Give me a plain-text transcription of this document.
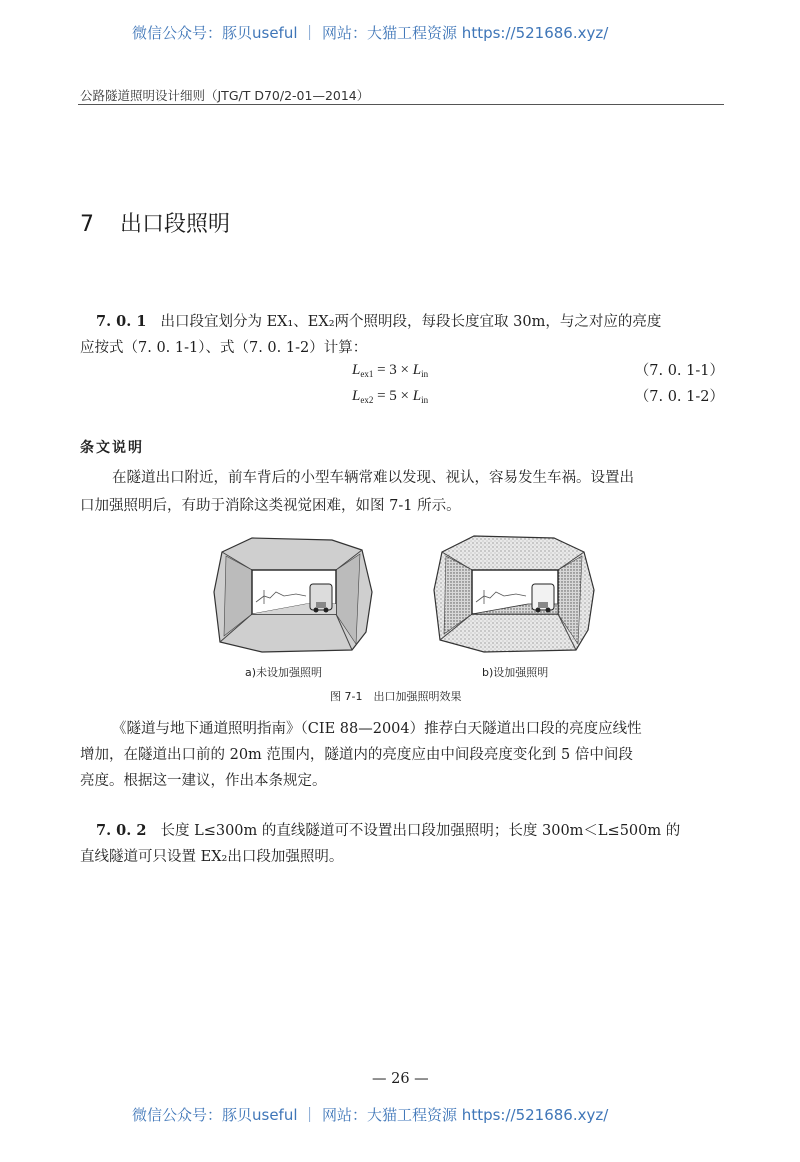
微信公众号：豚贝useful ｜ 网站：大猫工程资源 https://521686.xyz/
公路隧道照明设计细则（JTG/T D70/2-01—2014）
7 出口段照明
7. 0. 1 出口段宜划分为 EX₁、EX₂两个照明段，每段长度宜取 30m，与之对应的亮度
应按式（7. 0. 1-1）、式（7. 0. 1-2）计算：
$L_{ex1} = 3 \times L_{in}$	（7. 0. 1-1）
$L_{ex2} = 5 \times L_{in}$	（7. 0. 1-2）
条文说明
在隧道出口附近，前车背后的小型车辆常难以发现、视认，容易发生车祸。设置出
口加强照明后，有助于消除这类视觉困难，如图 7-1 所示。
a)未设加强照明	b)设加强照明
图 7-1　出口加强照明效果
《隧道与地下通道照明指南》（CIE 88—2004）推荐白天隧道出口段的亮度应线性
增加，在隧道出口前的 20m 范围内，隧道内的亮度应由中间段亮度变化到 5 倍中间段
亮度。根据这一建议，作出本条规定。
7. 0. 2 长度 L≤300m 的直线隧道可不设置出口段加强照明；长度 300m＜L≤500m 的
直线隧道可只设置 EX₂出口段加强照明。
— 26 —
微信公众号：豚贝useful ｜ 网站：大猫工程资源 https://521686.xyz/
